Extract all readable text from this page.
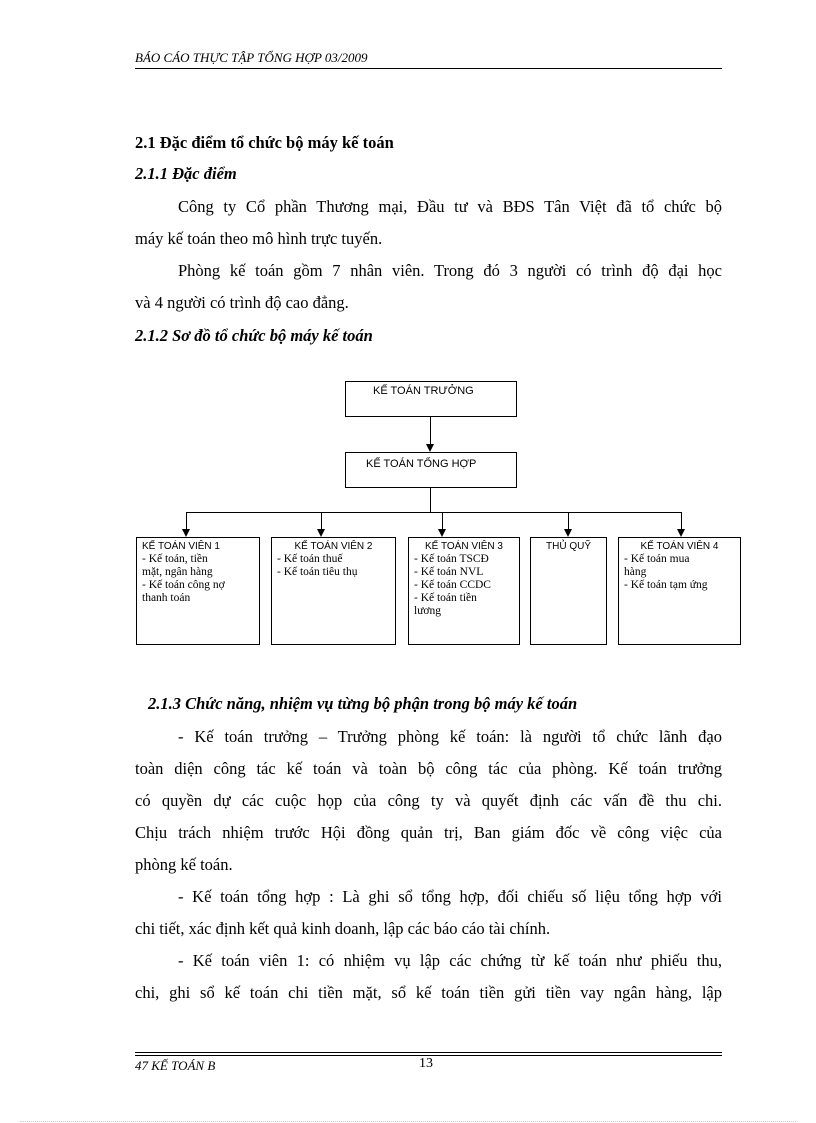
BÁO CÁO THỰC TẬP TỔNG HỢP 03/2009
2.1 Đặc điểm tổ chức bộ máy kế toán
2.1.1 Đặc điểm
Công ty Cổ phần Thương mại, Đầu tư và BĐS Tân Việt đã tổ chức bộ
máy kế toán theo mô hình trực tuyến.
Phòng kế toán gồm 7 nhân viên. Trong đó 3 người có trình độ đại học
và 4 người có trình độ cao đẳng.
2.1.2 Sơ đồ tổ chức bộ máy kế toán
KẾ TOÁN TRƯỞNG
KẾ TOÁN TỔNG HỢP
KẾ TOÁN VIÊN 1
- Kế toán, tiền
mặt, ngân hàng
- Kế toán công nợ
thanh toán
KẾ TOÁN VIÊN 2
- Kế toán thuế
- Kế toán tiêu thụ
KẾ TOÁN VIÊN 3
- Kế toán TSCĐ
- Kế toán NVL
- Kế toán CCDC
- Kế toán tiền
lương
THỦ QUỸ	KẾ TOÁN VIÊN 4
- Kế toán mua
hàng
- Kế toán tạm ứng
2.1.3 Chức năng, nhiệm vụ từng bộ phận trong bộ máy kế toán
- Kế toán trưởng – Trưởng phòng kế toán: là người tổ chức lãnh đạo
toàn diện công tác kế toán và toàn bộ công tác của phòng. Kế toán trưởng
có quyền dự các cuộc họp của công ty và quyết định các vấn đề thu chi.
Chịu trách nhiệm trước Hội đồng quản trị, Ban giám đốc về công việc của
phòng kế toán.
- Kế toán tổng hợp : Là ghi sổ tổng hợp, đối chiếu số liệu tổng hợp với
chi tiết, xác định kết quả kinh doanh, lập các báo cáo tài chính.
- Kế toán viên 1: có nhiệm vụ lập các chứng từ kế toán như phiếu thu,
chi, ghi sổ kế toán chi tiền mặt, sổ kế toán tiền gửi tiền vay ngân hàng, lập
47 KẾ TOÁN B	13
